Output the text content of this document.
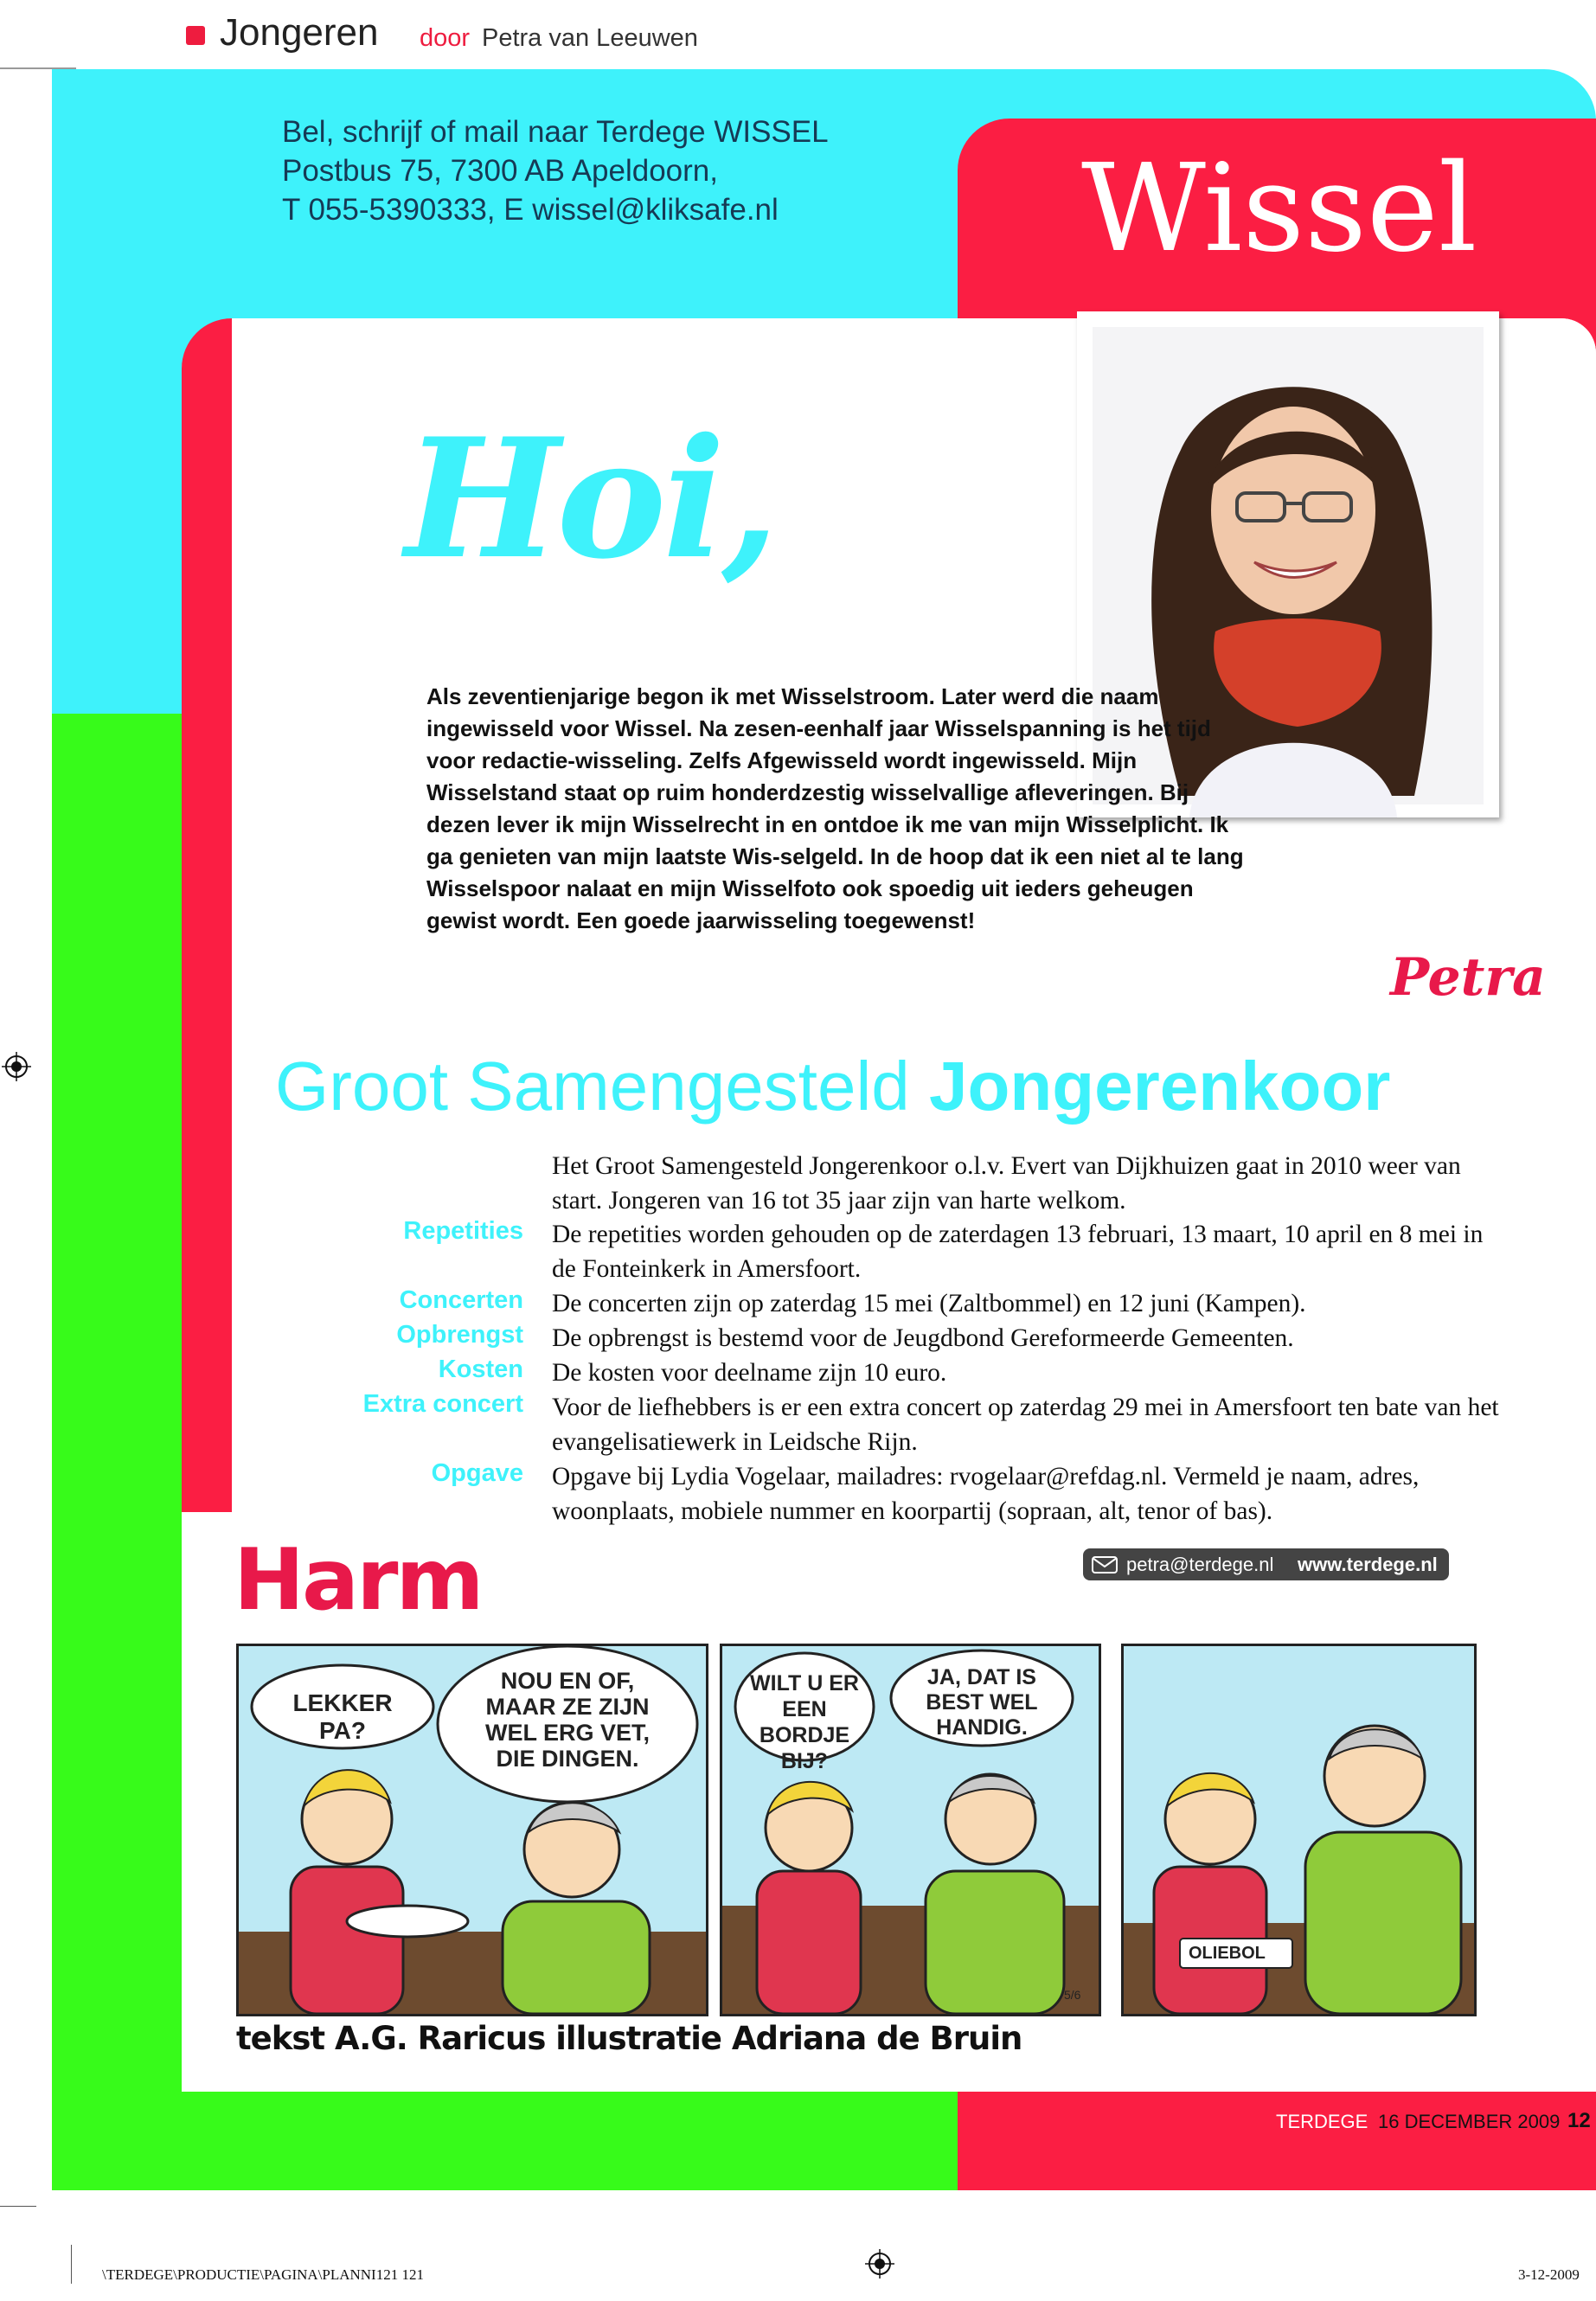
Jongeren door Petra van Leeuwen
Bel, schrijf of mail naar Terdege WISSEL
Postbus 75, 7300 AB Apeldoorn,
T 055-5390333, E wissel@kliksafe.nl	Wissel
Hoi,
Als zeventienjarige begon ik met Wisselstroom. Later werd die naam ingewisseld voor Wissel. Na zesen-eenhalf jaar Wisselspanning is het tijd voor redactie-wisseling. Zelfs Afgewisseld wordt ingewisseld. Mijn Wisselstand staat op ruim honderdzestig wisselvallige afleveringen. Bij dezen lever ik mijn Wisselrecht in en ontdoe ik me van mijn Wisselplicht. Ik ga genieten van mijn laatste Wis-selgeld. In de hoop dat ik een niet al te lang Wisselspoor nalaat en mijn Wisselfoto ook spoedig uit ieders geheugen gewist wordt. Een goede jaarwisseling toegewenst!
Petra
Groot Samengesteld Jongerenkoor
Het Groot Samengesteld Jongerenkoor o.l.v. Evert van Dijkhuizen gaat in 2010 weer van start. Jongeren van 16 tot 35 jaar zijn van harte welkom.
Repetities De repetities worden gehouden op de zaterdagen 13 februari, 13 maart, 10 april en 8 mei in de Fonteinkerk in Amersfoort.
Concerten De concerten zijn op zaterdag 15 mei (Zaltbommel) en 12 juni (Kampen).
Opbrengst De opbrengst is bestemd voor de Jeugdbond Gereformeerde Gemeenten.
Kosten De kosten voor deelname zijn 10 euro.
Extra concert Voor de liefhebbers is er een extra concert op zaterdag 29 mei in Amersfoort ten bate van het evangelisatiewerk in Leidsche Rijn.
Opgave Opgave bij Lydia Vogelaar, mailadres: rvogelaar@refdag.nl. Vermeld je naam, adres, woonplaats, mobiele nummer en koorpartij (sopraan, alt, tenor of bas).
petra@terdege.nl www.terdege.nl
Harm
LEKKER PA?
NOU EN OF, MAAR ZE ZIJN WEL ERG VET, DIE DINGEN.
WILT U ER EEN BORDJE BIJ?
JA, DAT IS BEST WEL HANDIG.
5/6
OLIEBOL
tekst A.G. Raricus illustratie Adriana de Bruin
TERDEGE 16 DECEMBER 2009 12
\TERDEGE\PRODUCTIE\PAGINA\PLANNI121 121	3-12-2009
